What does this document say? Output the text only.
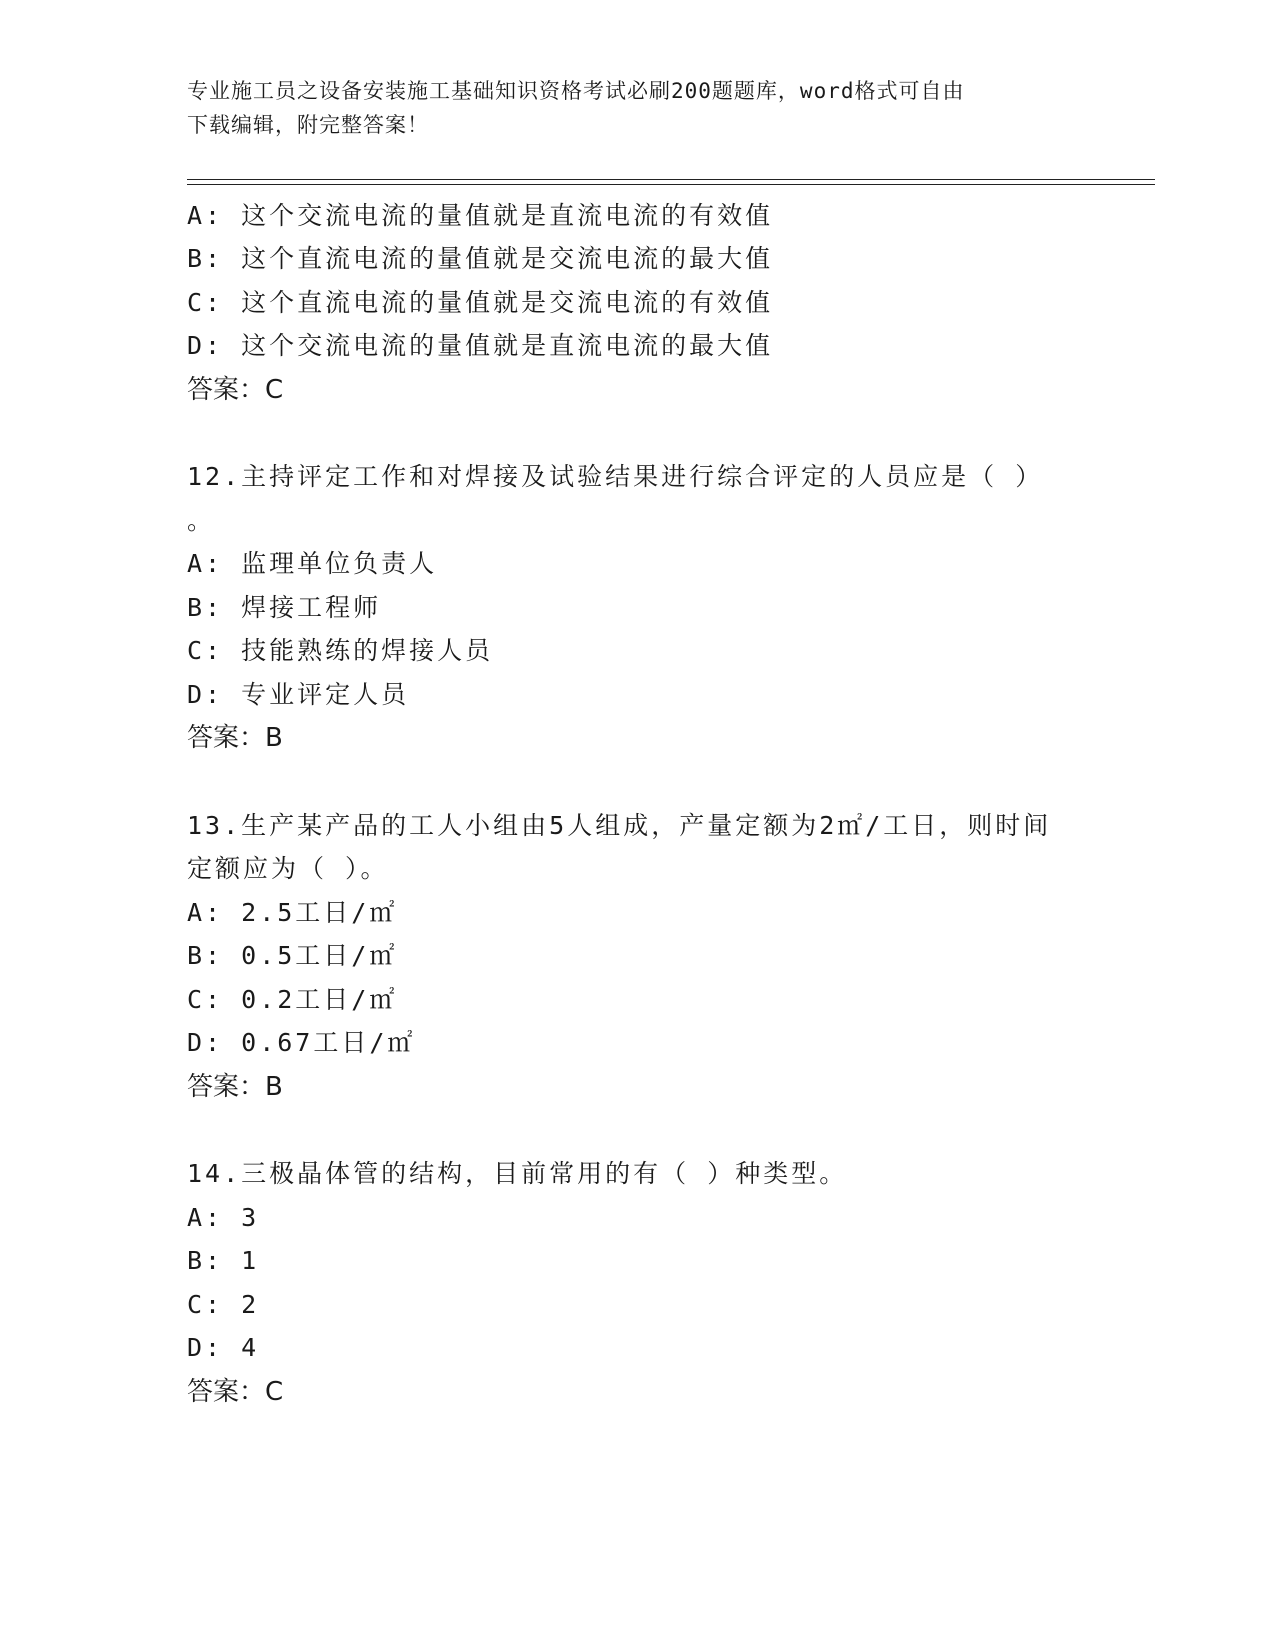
专业施工员之设备安装施工基础知识资格考试必刷200题题库，word格式可自由
下载编辑，附完整答案！
A: 这个交流电流的量值就是直流电流的有效值
B: 这个直流电流的量值就是交流电流的最大值
C: 这个直流电流的量值就是交流电流的有效值
D: 这个交流电流的量值就是直流电流的最大值
答案：C
12.主持评定工作和对焊接及试验结果进行综合评定的人员应是（ ）
。
A: 监理单位负责人
B: 焊接工程师
C: 技能熟练的焊接人员
D: 专业评定人员
答案：B
13.生产某产品的工人小组由5人组成，产量定额为2㎡/工日，则时间
定额应为（ ）。
A: 2.5工日/㎡
B: 0.5工日/㎡
C: 0.2工日/㎡
D: 0.67工日/㎡
答案：B
14.三极晶体管的结构，目前常用的有（ ）种类型。
A: 3
B: 1
C: 2
D: 4
答案：C
